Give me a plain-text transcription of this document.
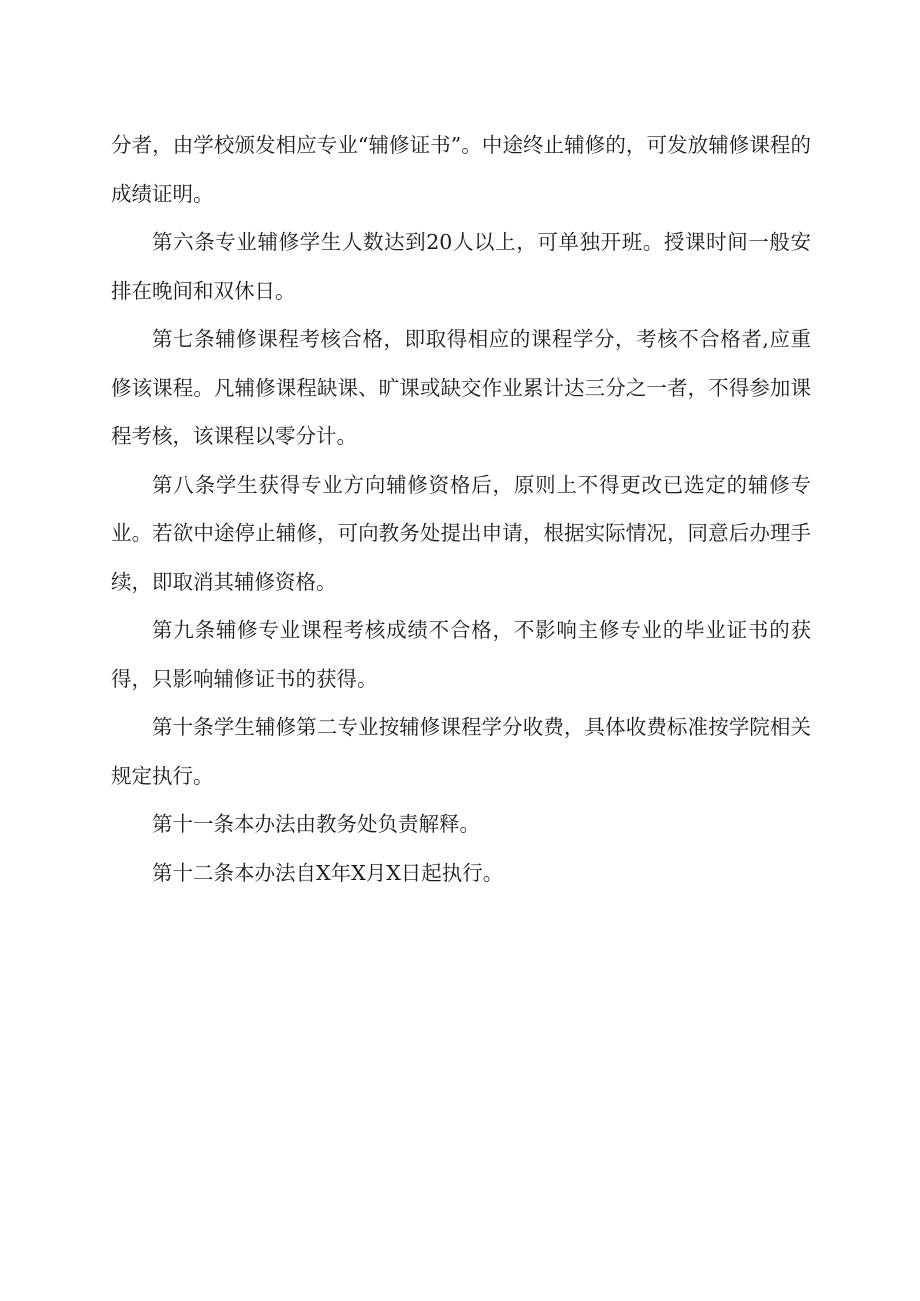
分者，由学校颁发相应专业“辅修证书”。中途终止辅修的，可发放辅修课程的成绩证明。

第六条专业辅修学生人数达到20人以上，可单独开班。授课时间一般安排在晚间和双休日。

第七条辅修课程考核合格，即取得相应的课程学分，考核不合格者,应重修该课程。凡辅修课程缺课、旷课或缺交作业累计达三分之一者，不得参加课程考核，该课程以零分计。

第八条学生获得专业方向辅修资格后，原则上不得更改已选定的辅修专业。若欲中途停止辅修，可向教务处提出申请，根据实际情况，同意后办理手续，即取消其辅修资格。

第九条辅修专业课程考核成绩不合格，不影响主修专业的毕业证书的获得，只影响辅修证书的获得。

第十条学生辅修第二专业按辅修课程学分收费，具体收费标准按学院相关规定执行。

第十一条本办法由教务处负责解释。

第十二条本办法自X年X月X日起执行。
